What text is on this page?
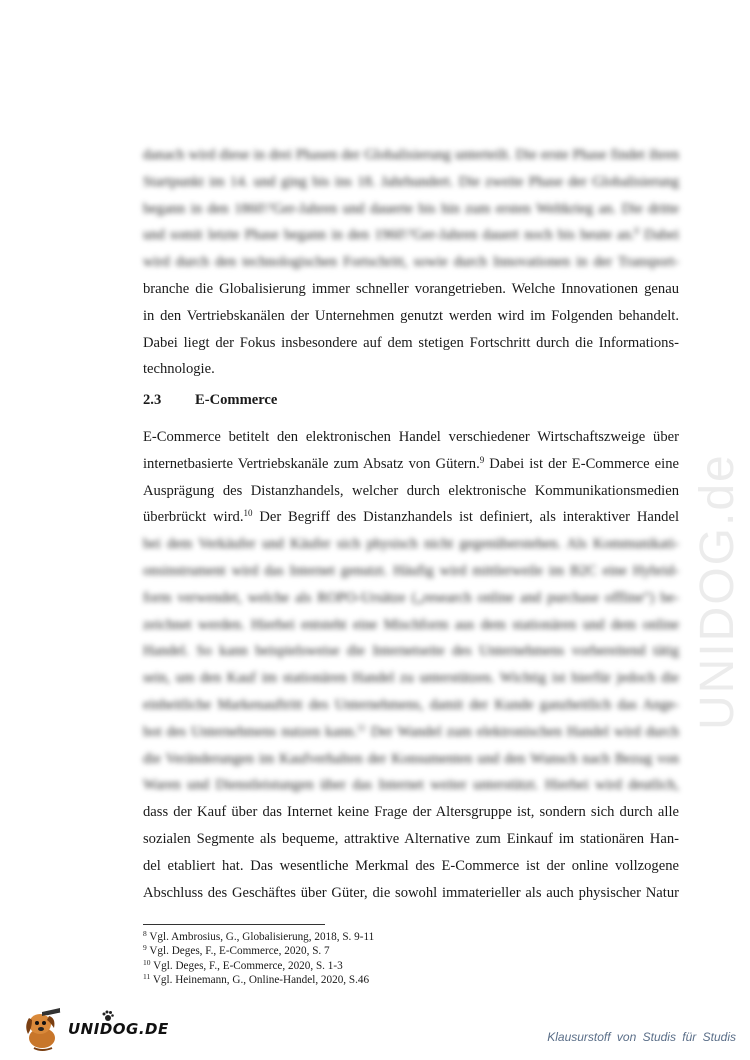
UNIDOG.de
danach wird diese in drei Phasen der Globalisierung unterteilt. Die erste Phase findet ihren
Startpunkt im 14. und ging bis ins 18. Jahrhundert. Die zweite Phase der Globalisierung
begann in den 1860'/'Ger-Jahren und dauerte bis hin zum ersten Weltkrieg an. Die dritte
und somit letzte Phase begann in den 1960'/'Ger-Jahren dauert noch bis heute an.$^8$ Dabei
wird durch den technologischen Fortschritt, sowie durch Innovationen in der Transport-
branche die Globalisierung immer schneller vorangetrieben. Welche Innovationen genau
in den Vertriebskanälen der Unternehmen genutzt werden wird im Folgenden behandelt.
Dabei liegt der Fokus insbesondere auf dem stetigen Fortschritt durch die Informations-
technologie.
2.3 E-Commerce
E-Commerce betitelt den elektronischen Handel verschiedener Wirtschaftszweige über
internetbasierte Vertriebskanäle zum Absatz von Gütern.$^9$ Dabei ist der E-Commerce eine
Ausprägung des Distanzhandels, welcher durch elektronische Kommunikationsmedien
überbrückt wird.$^{10}$ Der Begriff des Distanzhandels ist definiert, als interaktiver Handel
bei dem Verkäufer und Käufer sich physisch nicht gegenüberstehen. Als Kommunikati-
onsinstrument wird das Internet genutzt. Häufig wird mittlerweile im B2C eine Hybrid-
form verwendet, welche als ROPO-Ursätze („research online and purchase offline") be-
zeichnet werden. Hierbei entsteht eine Mischform aus dem stationären und dem online
Handel. So kann beispielsweise die Internetseite des Unternehmens vorbereitend tätig
sein, um den Kauf im stationären Handel zu unterstützen. Wichtig ist hierfür jedoch die
einheitliche Markenauftritt des Unternehmens, damit der Kunde ganzheitlich das Ange-
bot des Unternehmens nutzen kann.$^{11}$ Der Wandel zum elektronischen Handel wird durch
die Veränderungen im Kaufverhalten der Konsumenten und den Wunsch nach Bezug von
Waren und Dienstleistungen über das Internet weiter unterstützt. Hierbei wird deutlich,
dass der Kauf über das Internet keine Frage der Altersgruppe ist, sondern sich durch alle
sozialen Segmente als bequeme, attraktive Alternative zum Einkauf im stationären Han-
del etabliert hat. Das wesentliche Merkmal des E-Commerce ist der online vollzogene
Abschluss des Geschäftes über Güter, die sowohl immaterieller als auch physischer Natur
$^8$ Vgl. Ambrosius, G., Globalisierung, 2018, S. 9-11
$^9$ Vgl. Deges, F., E-Commerce, 2020, S. 7
$^{10}$ Vgl. Deges, F., E-Commerce, 2020, S. 1-3
$^{11}$ Vgl. Heinemann, G., Online-Handel, 2020, S.46
UNIDOG.DE	Klausurstoff von Studis für Studis
